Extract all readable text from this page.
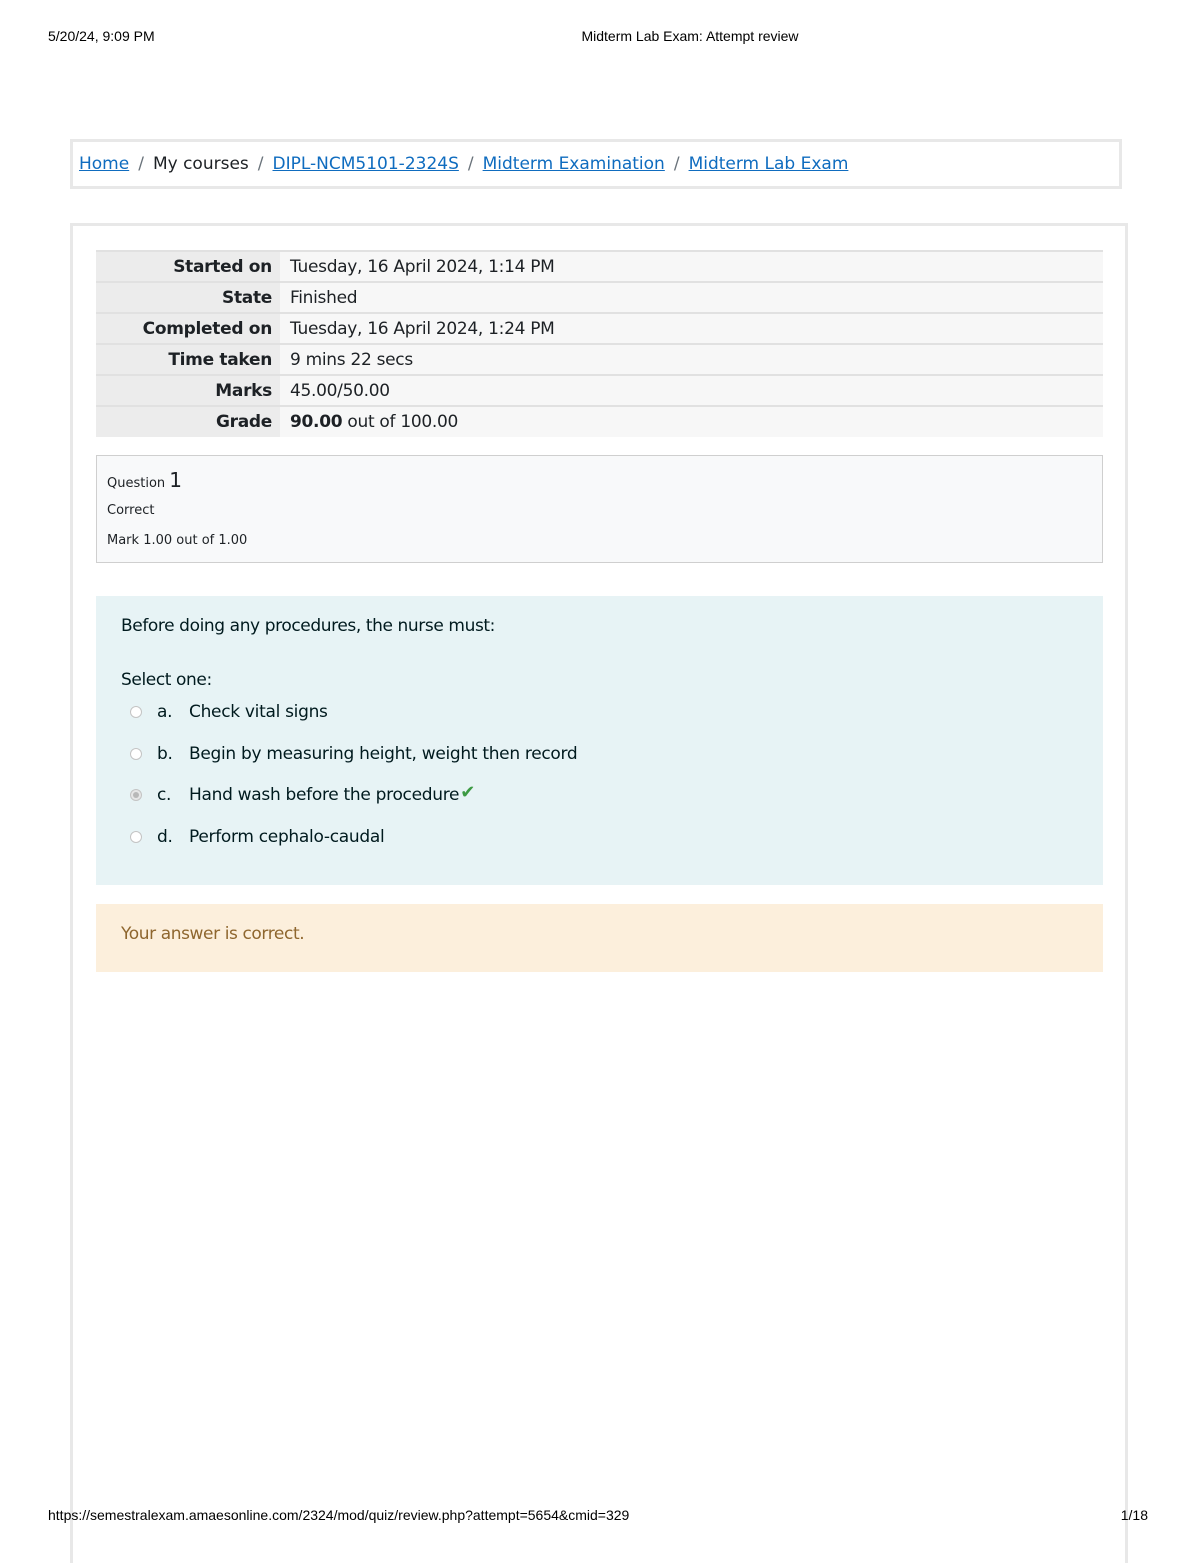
5/20/24, 9:09 PM	Midterm Lab Exam: Attempt review
Home / My courses / DIPL-NCM5101-2324S / Midterm Examination / Midterm Lab Exam
Started on	Tuesday, 16 April 2024, 1:14 PM
State	Finished
Completed on	Tuesday, 16 April 2024, 1:24 PM
Time taken	9 mins 22 secs
Marks	45.00/50.00
Grade	90.00 out of 100.00
Question 1
Correct
Mark 1.00 out of 1.00
Before doing any procedures, the nurse must:
Select one:
a. Check vital signs
b. Begin by measuring height, weight then record
c.	Hand wash before the procedure ✔
d. Perform cephalo-caudal
Your answer is correct.
https://semestralexam.amaesonline.com/2324/mod/quiz/review.php?attempt=5654&cmid=329	1/18
